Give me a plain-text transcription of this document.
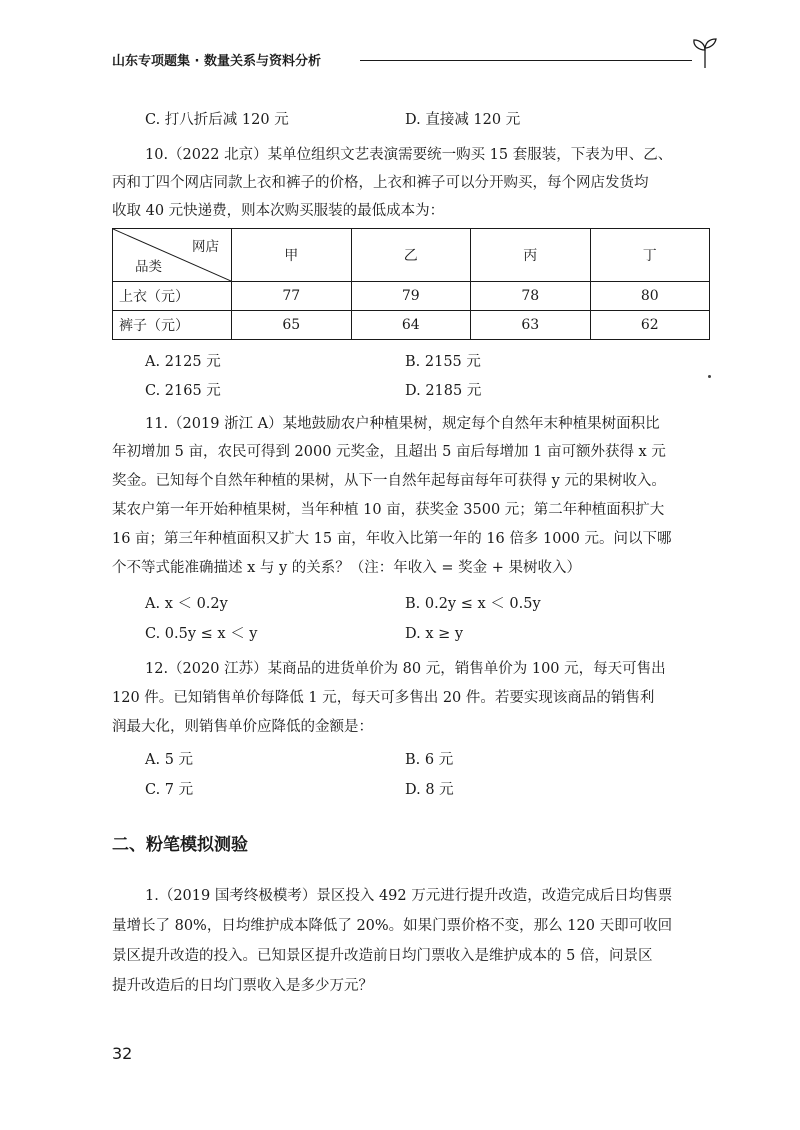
山东专项题集 · 数量关系与资料分析
C. 打八折后减 120 元	D. 直接减 120 元
10.（2022 北京）某单位组织文艺表演需要统一购买 15 套服装，下表为甲、乙、
丙和丁四个网店同款上衣和裤子的价格，上衣和裤子可以分开购买，每个网店发货均
收取 40 元快递费，则本次购买服装的最低成本为：
网店
品类	甲	乙	丙	丁
上衣（元）	77	79	78	80
裤子（元）	65	64	63	62
A. 2125 元	B. 2155 元
C. 2165 元	D. 2185 元
11.（2019 浙江 A）某地鼓励农户种植果树，规定每个自然年末种植果树面积比
年初增加 5 亩，农民可得到 2000 元奖金，且超出 5 亩后每增加 1 亩可额外获得 x 元
奖金。已知每个自然年种植的果树，从下一自然年起每亩每年可获得 y 元的果树收入。
某农户第一年开始种植果树，当年种植 10 亩，获奖金 3500 元；第二年种植面积扩大
16 亩；第三年种植面积又扩大 15 亩，年收入比第一年的 16 倍多 1000 元。问以下哪
个不等式能准确描述 x 与 y 的关系？（注：年收入 = 奖金 + 果树收入）
A. x ＜ 0.2y	B. 0.2y ≤ x ＜ 0.5y
C. 0.5y ≤ x ＜ y	D. x ≥ y
12.（2020 江苏）某商品的进货单价为 80 元，销售单价为 100 元，每天可售出
120 件。已知销售单价每降低 1 元，每天可多售出 20 件。若要实现该商品的销售利
润最大化，则销售单价应降低的金额是：
A. 5 元	B. 6 元
C. 7 元	D. 8 元
二、粉笔模拟测验
1.（2019 国考终极模考）景区投入 492 万元进行提升改造，改造完成后日均售票
量增长了 80%，日均维护成本降低了 20%。如果门票价格不变，那么 120 天即可收回
景区提升改造的投入。已知景区提升改造前日均门票收入是维护成本的 5 倍，问景区
提升改造后的日均门票收入是多少万元？
32
